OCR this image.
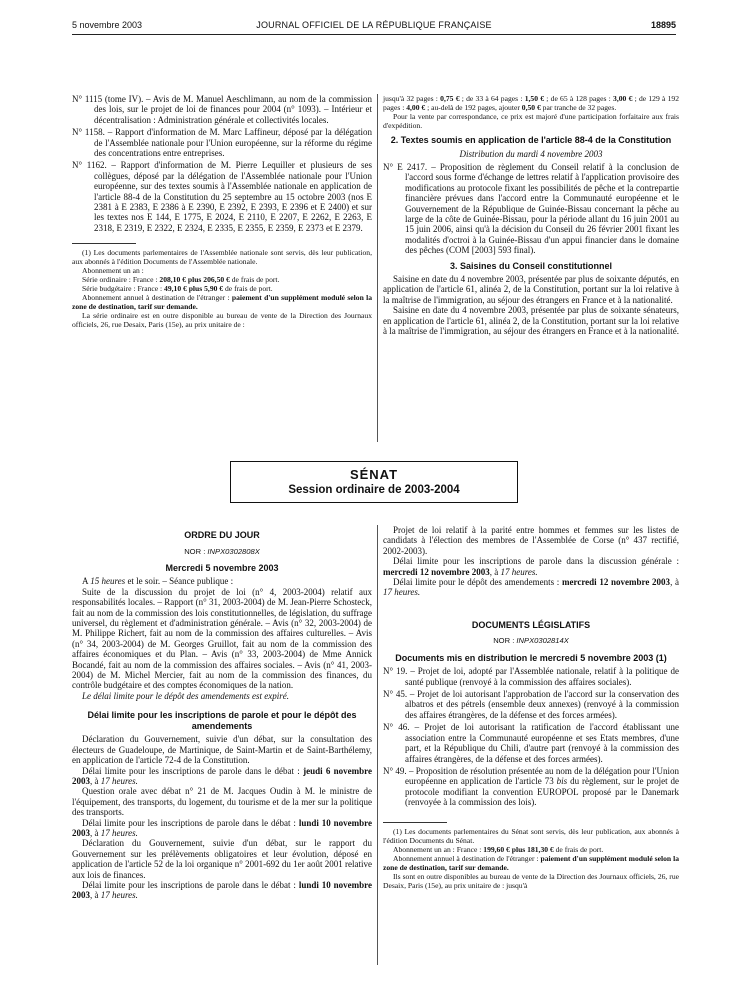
5 novembre 2003	JOURNAL OFFICIEL DE LA RÉPUBLIQUE FRANÇAISE	18895

N° 1115 (tome IV). – Avis de M. Manuel Aeschlimann, au nom de la commission des lois, sur le projet de loi de finances pour 2004 (n° 1093). – Intérieur et décentralisation : Administration générale et collectivités locales.

N° 1158. – Rapport d'information de M. Marc Laffineur, déposé par la délégation de l'Assemblée nationale pour l'Union européenne, sur la réforme du régime des concentrations entre entreprises.

N° 1162. – Rapport d'information de M. Pierre Lequiller et plusieurs de ses collègues, déposé par la délégation de l'Assemblée nationale pour l'Union européenne, sur des textes soumis à l'Assemblée nationale en application de l'article 88-4 de la Constitution du 25 septembre au 15 octobre 2003 (nos E 2381 à E 2383, E 2386 à E 2390, E 2392, E 2393, E 2396 et E 2400) et sur les textes nos E 144, E 1775, E 2024, E 2110, E 2207, E 2262, E 2263, E 2318, E 2319, E 2322, E 2324, E 2335, E 2355, E 2359, E 2373 et E 2379.

(1) Les documents parlementaires de l'Assemblée nationale sont servis, dès leur publication, aux abonnés à l'édition Documents de l'Assemblée nationale.

Abonnement un an :

Série ordinaire : France : 208,10 € plus 206,50 € de frais de port.

Série budgétaire : France : 49,10 € plus 5,90 € de frais de port.

Abonnement annuel à destination de l'étranger : paiement d'un supplément modulé selon la zone de destination, tarif sur demande.

La série ordinaire est en outre disponible au bureau de vente de la Direction des Journaux officiels, 26, rue Desaix, Paris (15e), au prix unitaire de :

jusqu'à 32 pages : 0,75 € ; de 33 à 64 pages : 1,50 € ; de 65 à 128 pages : 3,00 € ; de 129 à 192 pages : 4,00 € ; au-delà de 192 pages, ajouter 0,50 € par tranche de 32 pages.

Pour la vente par correspondance, ce prix est majoré d'une participation forfaitaire aux frais d'expédition.

2. Textes soumis en application de l'article 88-4 de la Constitution
Distribution du mardi 4 novembre 2003

N° E 2417. – Proposition de règlement du Conseil relatif à la conclusion de l'accord sous forme d'échange de lettres relatif à l'application provisoire des modifications au protocole fixant les possibilités de pêche et la contrepartie financière prévues dans l'accord entre la Communauté européenne et le Gouvernement de la République de Guinée-Bissau concernant la pêche au large de la côte de Guinée-Bissau, pour la période allant du 16 juin 2001 au 15 juin 2006, ainsi qu'à la décision du Conseil du 26 février 2001 fixant les modalités d'octroi à la Guinée-Bissau d'un appui financier dans le domaine des pêches (COM [2003] 593 final).

3. Saisines du Conseil constitutionnel

Saisine en date du 4 novembre 2003, présentée par plus de soixante députés, en application de l'article 61, alinéa 2, de la Constitution, portant sur la loi relative à la maîtrise de l'immigration, au séjour des étrangers en France et à la nationalité.

Saisine en date du 4 novembre 2003, présentée par plus de soixante sénateurs, en application de l'article 61, alinéa 2, de la Constitution, portant sur la loi relative à la maîtrise de l'immigration, au séjour des étrangers en France et à la nationalité.

SÉNAT
Session ordinaire de 2003-2004
ORDRE DU JOUR
NOR : INPX0302808X
Mercredi 5 novembre 2003

A 15 heures et le soir. – Séance publique :

Suite de la discussion du projet de loi (n° 4, 2003-2004) relatif aux responsabilités locales. – Rapport (n° 31, 2003-2004) de M. Jean-Pierre Schosteck, fait au nom de la commission des lois constitutionnelles, de législation, du suffrage universel, du règlement et d'administration générale. – Avis (n° 32, 2003-2004) de M. Philippe Richert, fait au nom de la commission des affaires culturelles. – Avis (n° 34, 2003-2004) de M. Georges Gruillot, fait au nom de la commission des affaires économiques et du Plan. – Avis (n° 33, 2003-2004) de Mme Annick Bocandé, fait au nom de la commission des affaires sociales. – Avis (n° 41, 2003-2004) de M. Michel Mercier, fait au nom de la commission des finances, du contrôle budgétaire et des comptes économiques de la nation.

Le délai limite pour le dépôt des amendements est expiré.

Délai limite pour les inscriptions de parole et pour le dépôt des amendements

Déclaration du Gouvernement, suivie d'un débat, sur la consultation des électeurs de Guadeloupe, de Martinique, de Saint-Martin et de Saint-Barthélemy, en application de l'article 72-4 de la Constitution.

Délai limite pour les inscriptions de parole dans le débat : jeudi 6 novembre 2003, à 17 heures.

Question orale avec débat n° 21 de M. Jacques Oudin à M. le ministre de l'équipement, des transports, du logement, du tourisme et de la mer sur la politique des transports.

Délai limite pour les inscriptions de parole dans le débat : lundi 10 novembre 2003, à 17 heures.

Déclaration du Gouvernement, suivie d'un débat, sur le rapport du Gouvernement sur les prélèvements obligatoires et leur évolution, déposé en application de l'article 52 de la loi organique n° 2001-692 du 1er août 2001 relative aux lois de finances.

Délai limite pour les inscriptions de parole dans le débat : lundi 10 novembre 2003, à 17 heures.

Projet de loi relatif à la parité entre hommes et femmes sur les listes de candidats à l'élection des membres de l'Assemblée de Corse (n° 437 rectifié, 2002-2003).

Délai limite pour les inscriptions de parole dans la discussion générale : mercredi 12 novembre 2003, à 17 heures.

Délai limite pour le dépôt des amendements : mercredi 12 novembre 2003, à 17 heures.

DOCUMENTS LÉGISLATIFS
NOR : INPX0302814X
Documents mis en distribution le mercredi 5 novembre 2003 (1)

N° 19. – Projet de loi, adopté par l'Assemblée nationale, relatif à la politique de santé publique (renvoyé à la commission des affaires sociales).

N° 45. – Projet de loi autorisant l'approbation de l'accord sur la conservation des albatros et des pétrels (ensemble deux annexes) (renvoyé à la commission des affaires étrangères, de la défense et des forces armées).

N° 46. – Projet de loi autorisant la ratification de l'accord établissant une association entre la Communauté européenne et ses Etats membres, d'une part, et la République du Chili, d'autre part (renvoyé à la commission des affaires étrangères, de la défense et des forces armées).

N° 49. – Proposition de résolution présentée au nom de la délégation pour l'Union européenne en application de l'article 73 bis du règlement, sur le projet de protocole modifiant la convention EUROPOL proposé par le Danemark (renvoyée à la commission des lois).

(1) Les documents parlementaires du Sénat sont servis, dès leur publication, aux abonnés à l'édition Documents du Sénat.

Abonnement un an : France : 199,60 € plus 181,30 € de frais de port.

Abonnement annuel à destination de l'étranger : paiement d'un supplément modulé selon la zone de destination, tarif sur demande.

Ils sont en outre disponibles au bureau de vente de la Direction des Journaux officiels, 26, rue Desaix, Paris (15e), au prix unitaire de : jusqu'à
